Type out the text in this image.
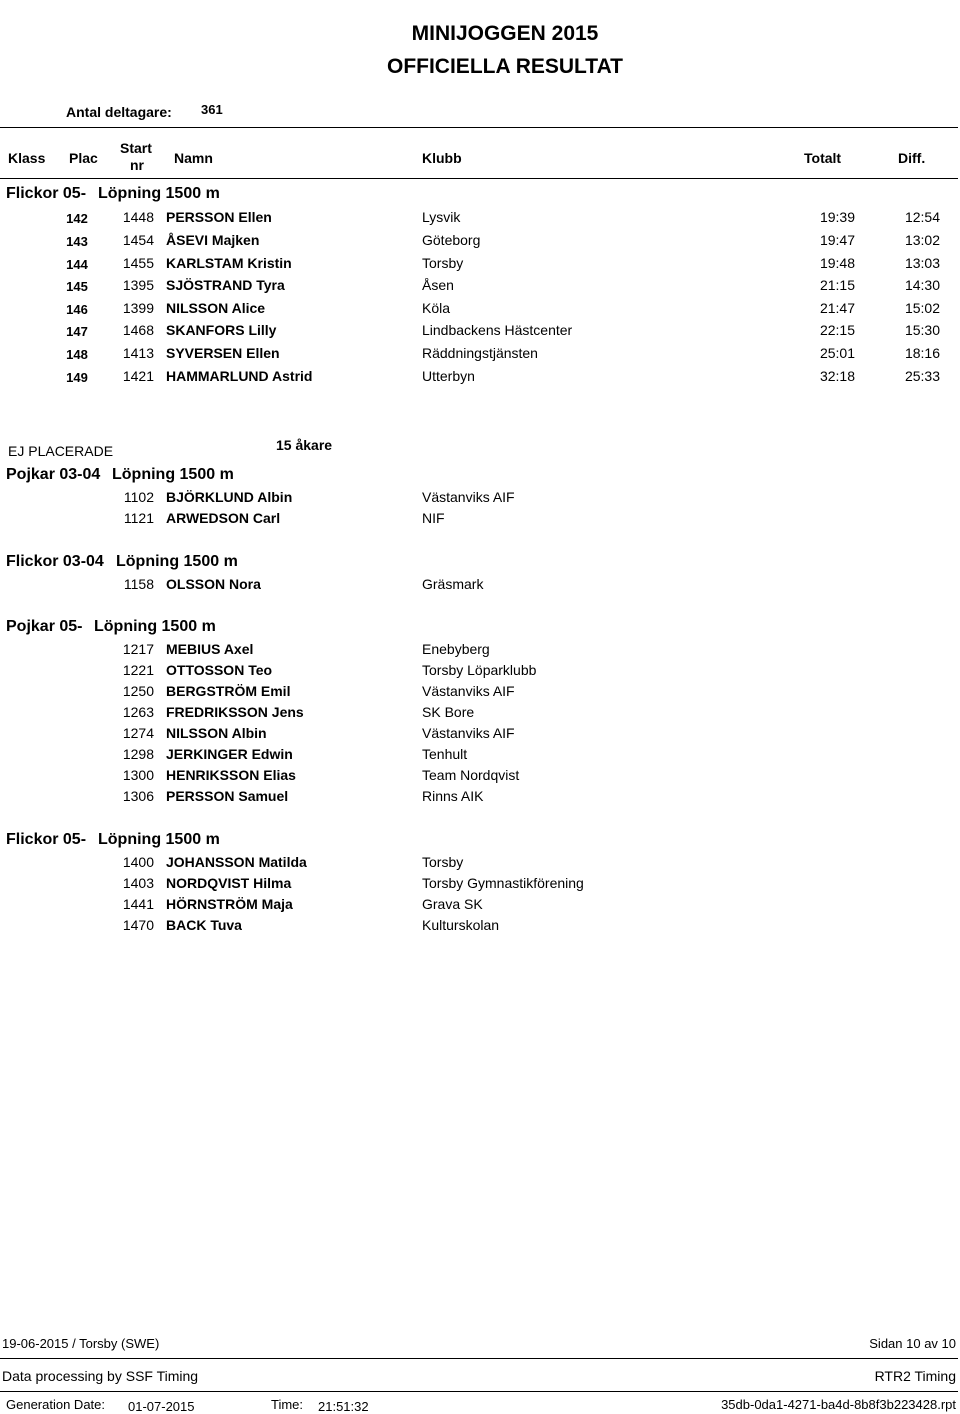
MINIJOGGEN 2015
OFFICIELLA RESULTAT
Antal deltagare: 361
Klass Plac
Start
nr Namn	Klubb	Totalt	Diff.
Flickor 05- Löpning 1500 m
142	1448 PERSSON Ellen	Lysvik	19:39	12:54
143	1454 ÅSEVI Majken	Göteborg	19:47	13:02
144	1455 KARLSTAM Kristin	Torsby	19:48	13:03
145	1395 SJÖSTRAND Tyra	Åsen	21:15	14:30
146	1399 NILSSON Alice	Köla	21:47	15:02
147	1468 SKANFORS Lilly	Lindbackens Hästcenter	22:15	15:30
148	1413 SYVERSEN Ellen	Räddningstjänsten	25:01	18:16
149	1421 HAMMARLUND Astrid	Utterbyn	32:18	25:33
EJ PLACERADE	15 åkare
Pojkar 03-04 Löpning 1500 m
1102 BJÖRKLUND Albin	Västanviks AIF
1121 ARWEDSON Carl	NIF
Flickor 03-04 Löpning 1500 m
1158 OLSSON Nora	Gräsmark
Pojkar 05- Löpning 1500 m
1217 MEBIUS Axel	Enebyberg
1221 OTTOSSON Teo	Torsby Löparklubb
1250 BERGSTRÖM Emil	Västanviks AIF
1263 FREDRIKSSON Jens	SK Bore
1274 NILSSON Albin	Västanviks AIF
1298 JERKINGER Edwin	Tenhult
1300 HENRIKSSON Elias	Team Nordqvist
1306 PERSSON Samuel	Rinns AIK
Flickor 05- Löpning 1500 m
1400 JOHANSSON Matilda	Torsby
1403 NORDQVIST Hilma	Torsby Gymnastikförening
1441 HÖRNSTRÖM Maja	Grava SK
1470 BACK Tuva	Kulturskolan
19-06-2015 / Torsby (SWE)	Sidan 10 av 10
Data processing by SSF Timing	RTR2 Timing
Generation Date: 01-07-2015	Time: 21:51:32	35db-0da1-4271-ba4d-8b8f3b223428.rpt
